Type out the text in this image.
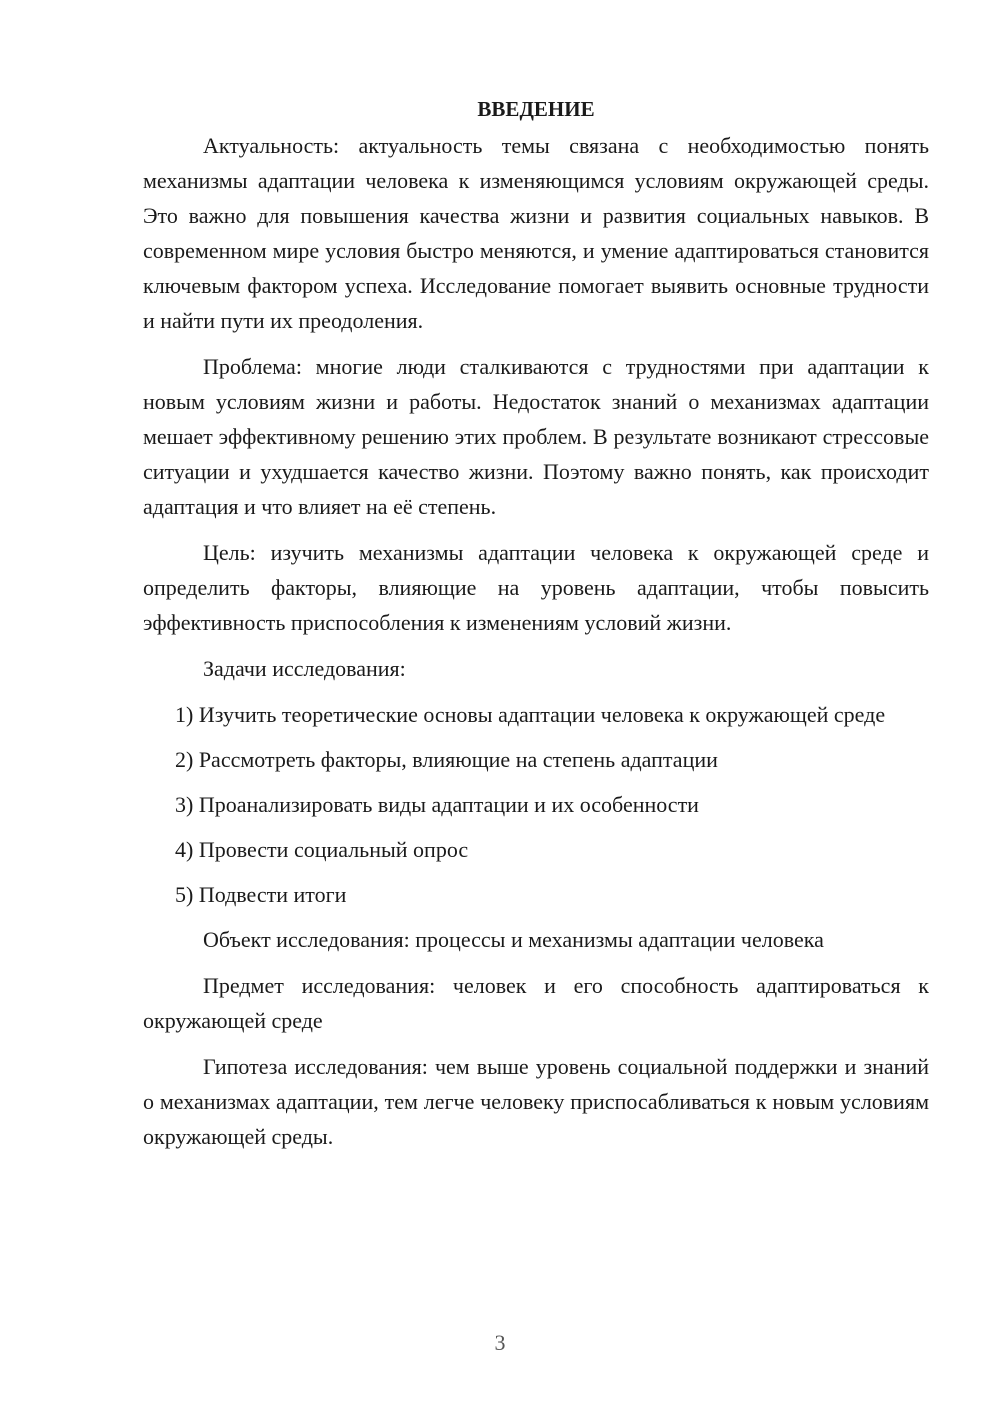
ВВЕДЕНИЕ

Актуальность: актуальность темы связана с необходимостью понять механизмы адаптации человека к изменяющимся условиям окружающей среды. Это важно для повышения качества жизни и развития социальных навыков. В современном мире условия быстро меняются, и умение адаптироваться становится ключевым фактором успеха. Исследование помогает выявить основные трудности и найти пути их преодоления.

Проблема: многие люди сталкиваются с трудностями при адаптации к новым условиям жизни и работы. Недостаток знаний о механизмах адаптации мешает эффективному решению этих проблем. В результате возникают стрессовые ситуации и ухудшается качество жизни. Поэтому важно понять, как происходит адаптация и что влияет на её степень.

Цель: изучить механизмы адаптации человека к окружающей среде и определить факторы, влияющие на уровень адаптации, чтобы повысить эффективность приспособления к изменениям условий жизни.

Задачи исследования:

1) Изучить теоретические основы адаптации человека к окружающей среде

2) Рассмотреть факторы, влияющие на степень адаптации

3) Проанализировать виды адаптации и их особенности

4) Провести социальный опрос

5) Подвести итоги

Объект исследования: процессы и механизмы адаптации человека

Предмет исследования: человек и его способность адаптироваться к окружающей среде

Гипотеза исследования: чем выше уровень социальной поддержки и знаний о механизмах адаптации, тем легче человеку приспосабливаться к новым условиям окружающей среды.

3
